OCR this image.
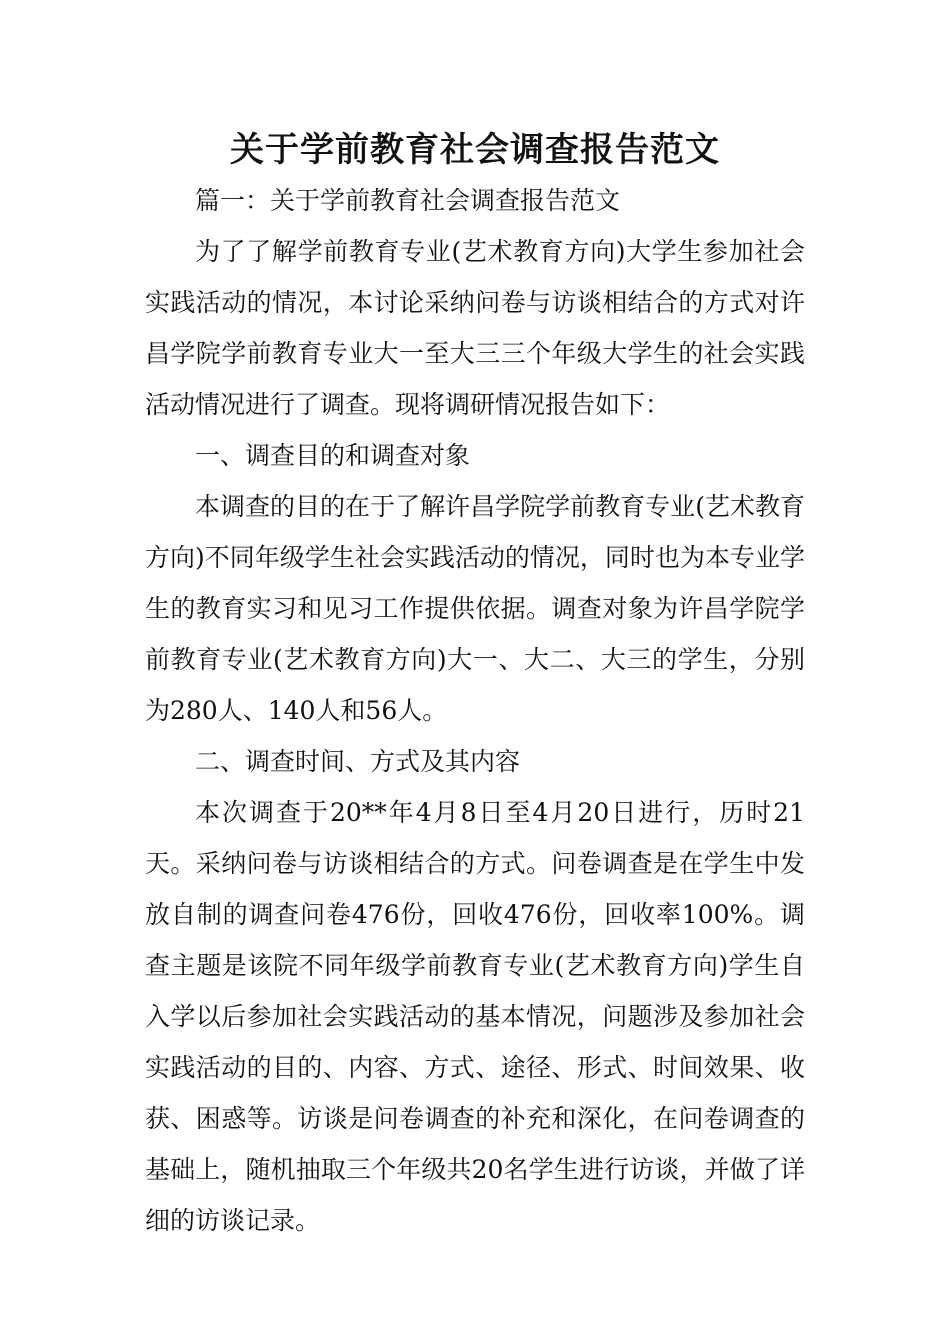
关于学前教育社会调查报告范文

篇一：关于学前教育社会调查报告范文

为了了解学前教育专业(艺术教育方向)大学生参加社会实践活动的情况，本讨论采纳问卷与访谈相结合的方式对许昌学院学前教育专业大一至大三三个年级大学生的社会实践活动情况进行了调查。现将调研情况报告如下：

一、调查目的和调查对象

本调查的目的在于了解许昌学院学前教育专业(艺术教育方向)不同年级学生社会实践活动的情况，同时也为本专业学生的教育实习和见习工作提供依据。调查对象为许昌学院学前教育专业(艺术教育方向)大一、大二、大三的学生，分别为280人、140人和56人。

二、调查时间、方式及其内容

本次调查于20**年4月8日至4月20日进行，历时21天。采纳问卷与访谈相结合的方式。问卷调查是在学生中发放自制的调查问卷476份，回收476份，回收率100%。调查主题是该院不同年级学前教育专业(艺术教育方向)学生自入学以后参加社会实践活动的基本情况，问题涉及参加社会实践活动的目的、内容、方式、途径、形式、时间效果、收获、困惑等。访谈是问卷调查的补充和深化，在问卷调查的基础上，随机抽取三个年级共20名学生进行访谈，并做了详细的访谈记录。
